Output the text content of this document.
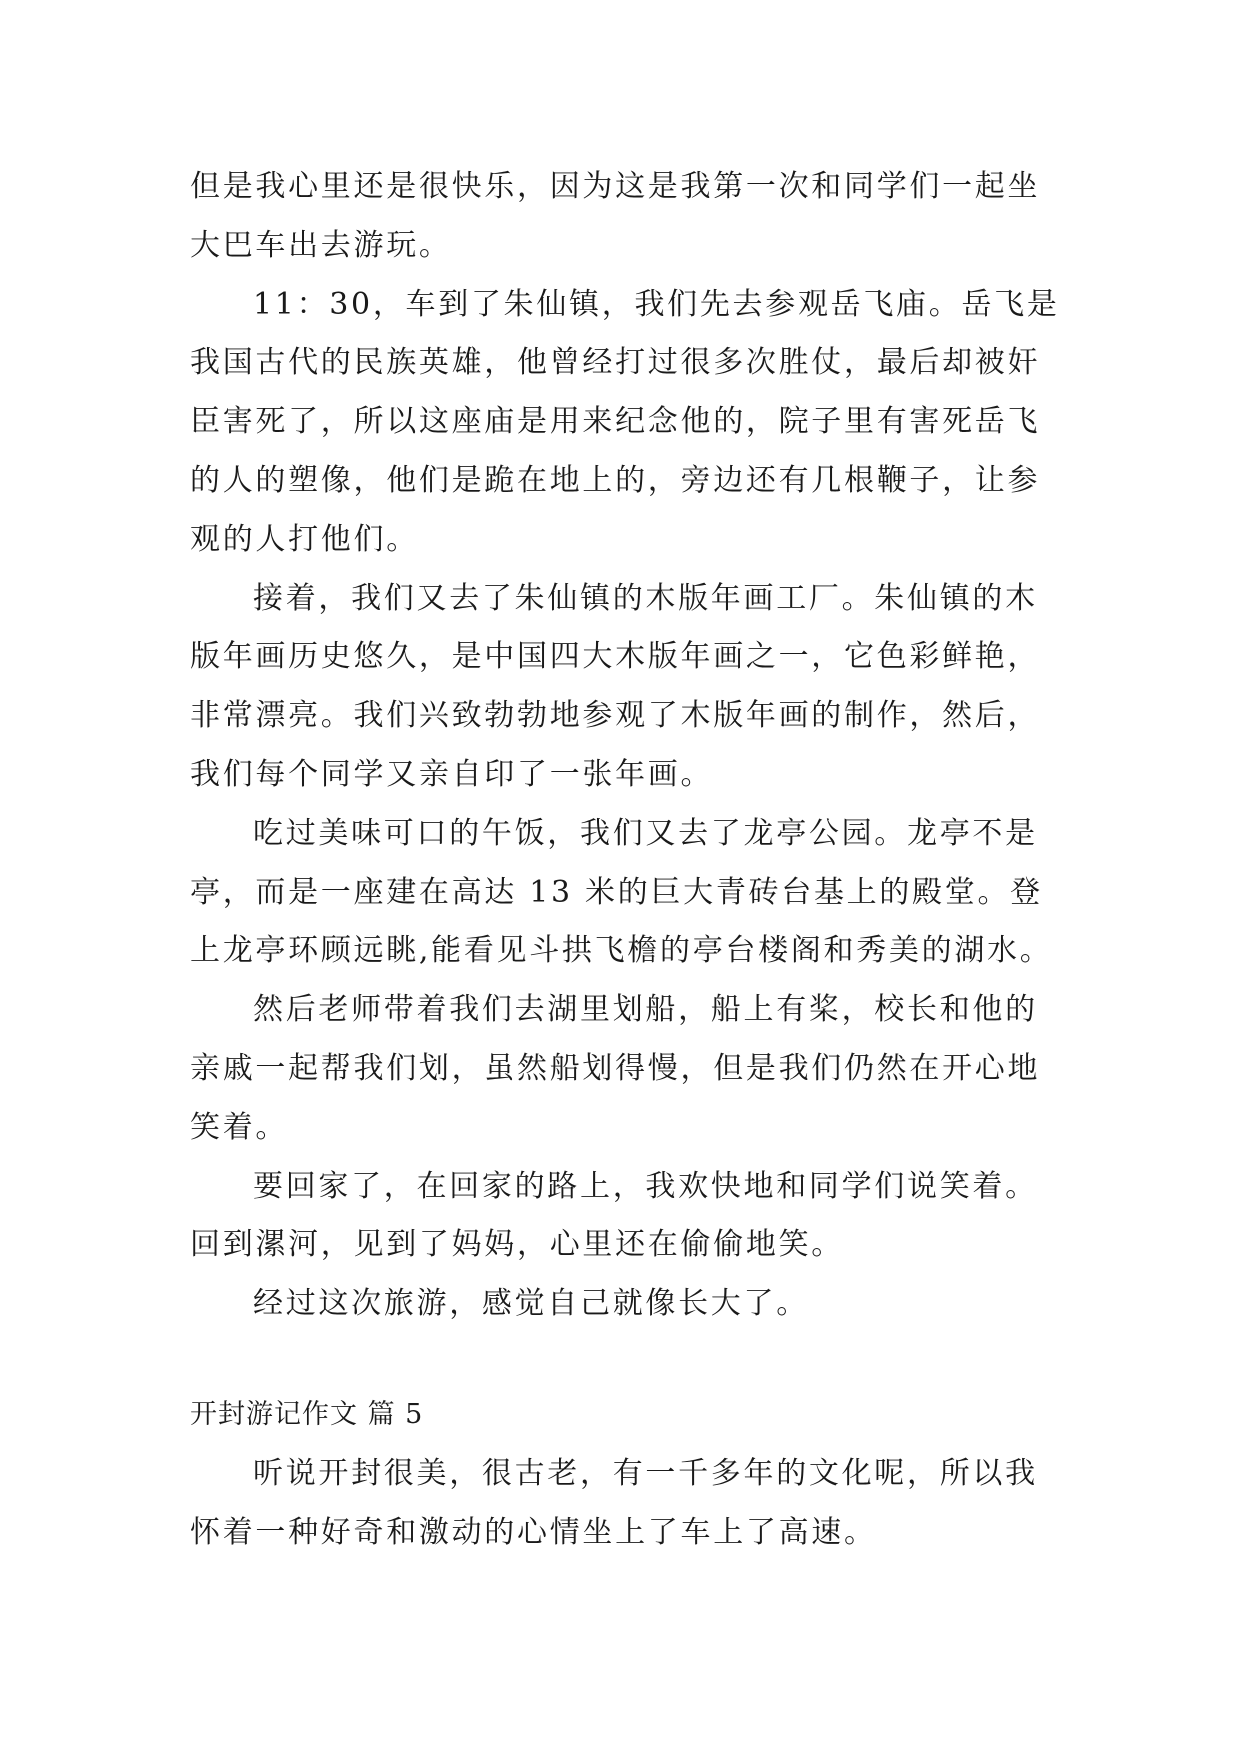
但是我心里还是很快乐，因为这是我第一次和同学们一起坐
大巴车出去游玩。
11：30，车到了朱仙镇，我们先去参观岳飞庙。岳飞是
我国古代的民族英雄，他曾经打过很多次胜仗，最后却被奸
臣害死了，所以这座庙是用来纪念他的，院子里有害死岳飞
的人的塑像，他们是跪在地上的，旁边还有几根鞭子，让参
观的人打他们。
接着，我们又去了朱仙镇的木版年画工厂。朱仙镇的木
版年画历史悠久，是中国四大木版年画之一，它色彩鲜艳，
非常漂亮。我们兴致勃勃地参观了木版年画的制作，然后，
我们每个同学又亲自印了一张年画。
吃过美味可口的午饭，我们又去了龙亭公园。龙亭不是
亭，而是一座建在高达 13 米的巨大青砖台基上的殿堂。登
上龙亭环顾远眺,能看见斗拱飞檐的亭台楼阁和秀美的湖水。
然后老师带着我们去湖里划船，船上有桨，校长和他的
亲戚一起帮我们划，虽然船划得慢，但是我们仍然在开心地
笑着。
要回家了，在回家的路上，我欢快地和同学们说笑着。
回到漯河，见到了妈妈，心里还在偷偷地笑。
经过这次旅游，感觉自己就像长大了。
开封游记作文 篇 5
听说开封很美，很古老，有一千多年的文化呢，所以我
怀着一种好奇和激动的心情坐上了车上了高速。
